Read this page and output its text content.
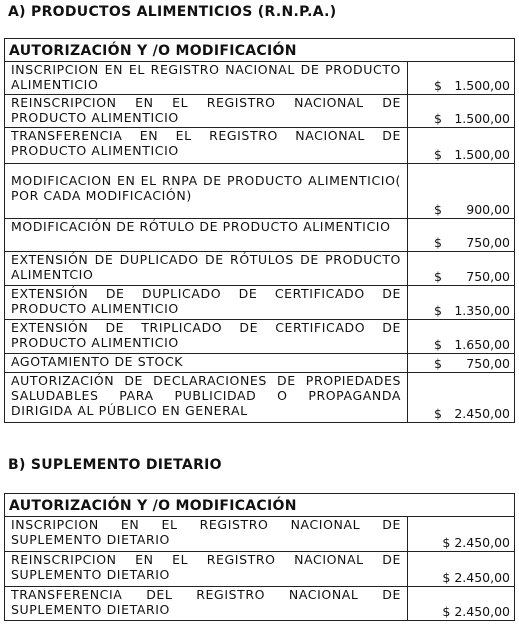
A) PRODUCTOS ALIMENTICIOS (R.N.P.A.)
AUTORIZACIÓN Y /O MODIFICACIÓN	
INSCRIPCION EN EL REGISTRO NACIONAL DE PRODUCTO ALIMENTICIO	$ 1.500,00

REINSCRIPCION EN EL REGISTRO NACIONAL DE PRODUCTO ALIMENTICIO	$ 1.500,00

TRANSFERENCIA EN EL REGISTRO NACIONAL DE PRODUCTO ALIMENTICIO	$ 1.500,00

MODIFICACION EN EL RNPA DE PRODUCTO ALIMENTICIO( POR CADA MODIFICACIÓN)	$ 900,00

MODIFICACIÓN DE RÓTULO DE PRODUCTO ALIMENTICIO	$ 750,00

EXTENSIÓN DE DUPLICADO DE RÓTULOS DE PRODUCTO ALIMENTCIO	$ 750,00

EXTENSIÓN DE DUPLICADO DE CERTIFICADO DE PRODUCTO ALIMENTICIO	$ 1.350,00

EXTENSIÓN DE TRIPLICADO DE CERTIFICADO DE PRODUCTO ALIMENTICIO	$ 1.650,00

AGOTAMIENTO DE STOCK	$ 750,00

AUTORIZACIÓN DE DECLARACIONES DE PROPIEDADES SALUDABLES PARA PUBLICIDAD O PROPAGANDA DIRIGIDA AL PÚBLICO EN GENERAL	$ 2.450,00
B) SUPLEMENTO DIETARIO
AUTORIZACIÓN Y /O MODIFICACIÓN	
INSCRIPCION EN EL REGISTRO NACIONAL DE SUPLEMENTO DIETARIO	$ 2.450,00
REINSCRIPCION EN EL REGISTRO NACIONAL DE SUPLEMENTO DIETARIO	$ 2.450,00
TRANSFERENCIA DEL REGISTRO NACIONAL DE SUPLEMENTO DIETARIO	$ 2.450,00
